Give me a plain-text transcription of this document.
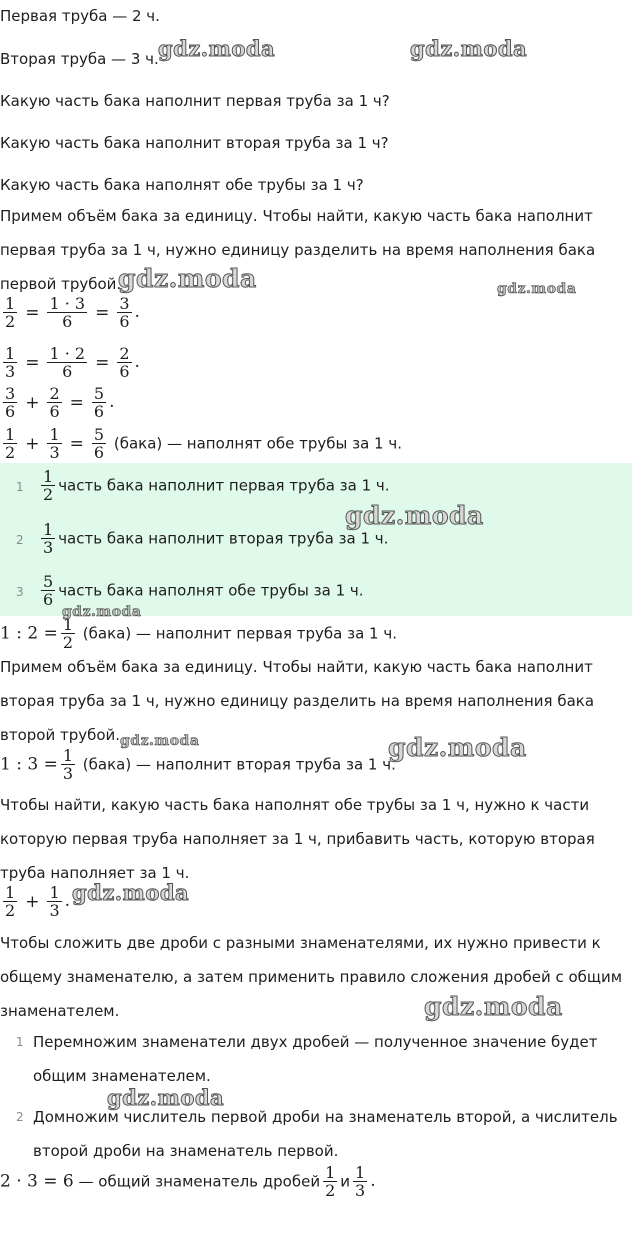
Первая труба — 2 ч.
Вторая труба — 3 ч.
Какую часть бака наполнит первая труба за 1 ч?
Какую часть бака наполнит вторая труба за 1 ч?
Какую часть бака наполнят обе трубы за 1 ч?
Примем объём бака за единицу. Чтобы найти, какую часть бака наполнит
первая труба за 1 ч, нужно единицу разделить на время наполнения бака
первой трубой.
$\frac{1}{2} = \frac{1 \cdot 3}{6} = \frac{3}{6}$ .
$\frac{1}{3} = \frac{1 \cdot 2}{6} = \frac{2}{6}$ .
$\frac{3}{6} + \frac{2}{6} = \frac{5}{6}$ .
$\frac{1}{2} + \frac{1}{3} = \frac{5}{6}$ (бака) — наполнят обе трубы за 1 ч.
$1 \frac{1}{2}$ часть бака наполнит первая труба за 1 ч.
$2 \frac{1}{3}$ часть бака наполнит вторая труба за 1 ч.
$3 \frac{5}{6}$ часть бака наполнят обе трубы за 1 ч.
1 : $2 = \frac{1}{2}$ (бака) — наполнит первая труба за 1 ч.
Примем объём бака за единицу. Чтобы найти, какую часть бака наполнит
вторая труба за 1 ч, нужно единицу разделить на время наполнения бака
второй трубой.
1 : $3 = \frac{1}{3}$ (бака) — наполнит вторая труба за 1 ч.
Чтобы найти, какую часть бака наполнят обе трубы за 1 ч, нужно к части
которую первая труба наполняет за 1 ч, прибавить часть, которую вторая
труба наполняет за 1 ч.
$\frac{1}{2} + \frac{1}{3}$ .
Чтобы сложить две дроби с разными знаменателями, их нужно привести к
общему знаменателю, а затем применить правило сложения дробей с общим
знаменателем.
1 Перемножим знаменатели двух дробей — полученное значение будет
общим знаменателем.
2 Домножим числитель первой дроби на знаменатель второй, а числитель
второй дроби на знаменатель первой.
2 · 3 = 6 — общий знаменатель дробей $\frac{1}{2}$ и $\frac{1}{3}$ .
gdz.moda	gdz.moda
gdz.moda	gdz.moda
gdz.moda
gdz.moda
gdz.moda	gdz.moda
gdz.moda
gdz.moda
gdz.moda
